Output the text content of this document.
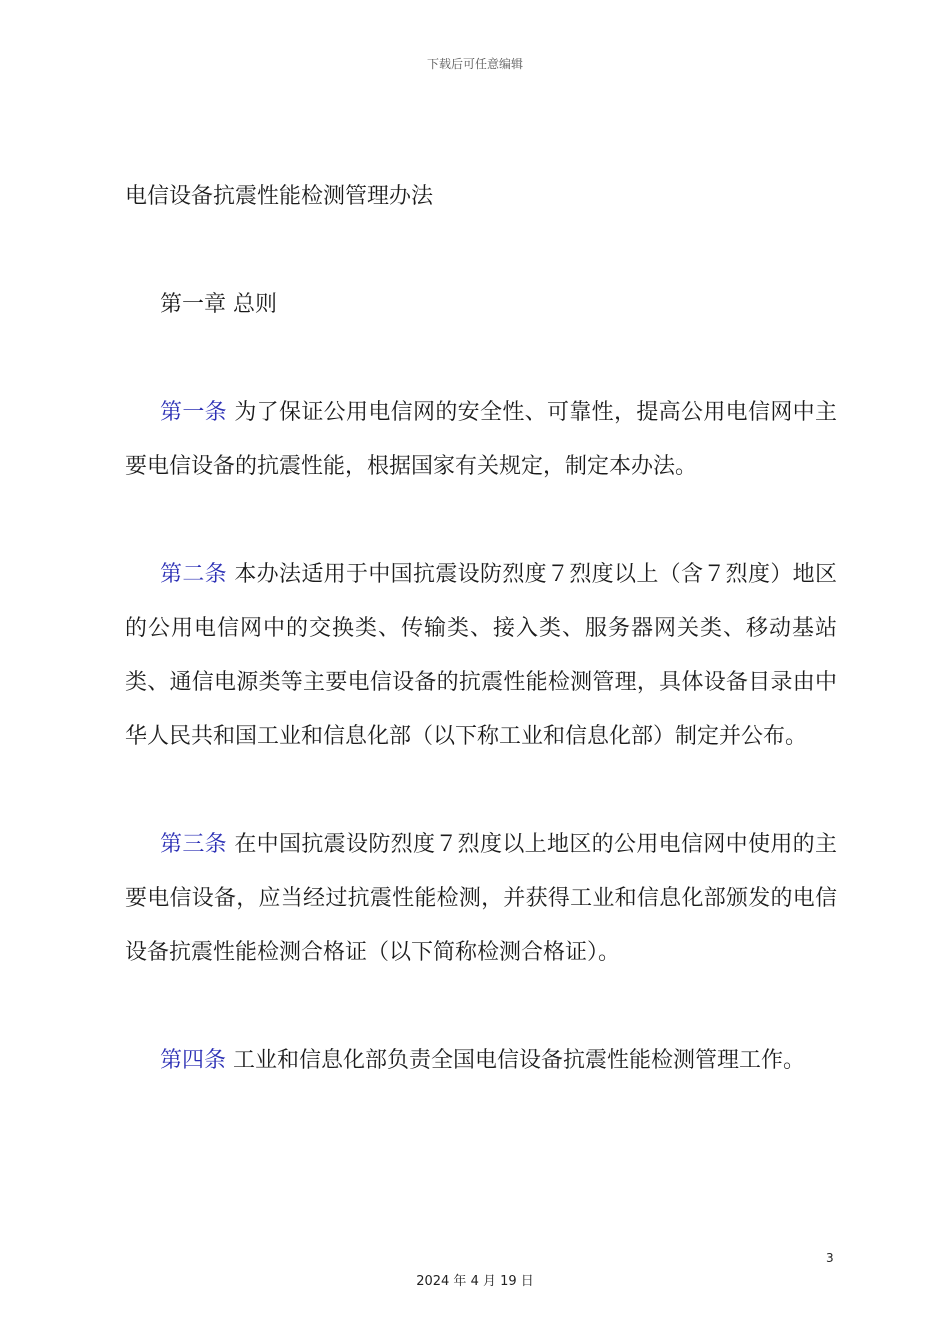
下载后可任意编辑

电信设备抗震性能检测管理办法

第一章 总则

第一条 为了保证公用电信网的安全性、可靠性，提高公用电信网中主要电信设备的抗震性能，根据国家有关规定，制定本办法。

第二条 本办法适用于中国抗震设防烈度７烈度以上（含７烈度）地区的公用电信网中的交换类、传输类、接入类、服务器网关类、移动基站类、通信电源类等主要电信设备的抗震性能检测管理，具体设备目录由中华人民共和国工业和信息化部（以下称工业和信息化部）制定并公布。

第三条 在中国抗震设防烈度７烈度以上地区的公用电信网中使用的主要电信设备，应当经过抗震性能检测，并获得工业和信息化部颁发的电信设备抗震性能检测合格证（以下简称检测合格证）。

第四条 工业和信息化部负责全国电信设备抗震性能检测管理工作。

3
2024 年 4 月 19 日
